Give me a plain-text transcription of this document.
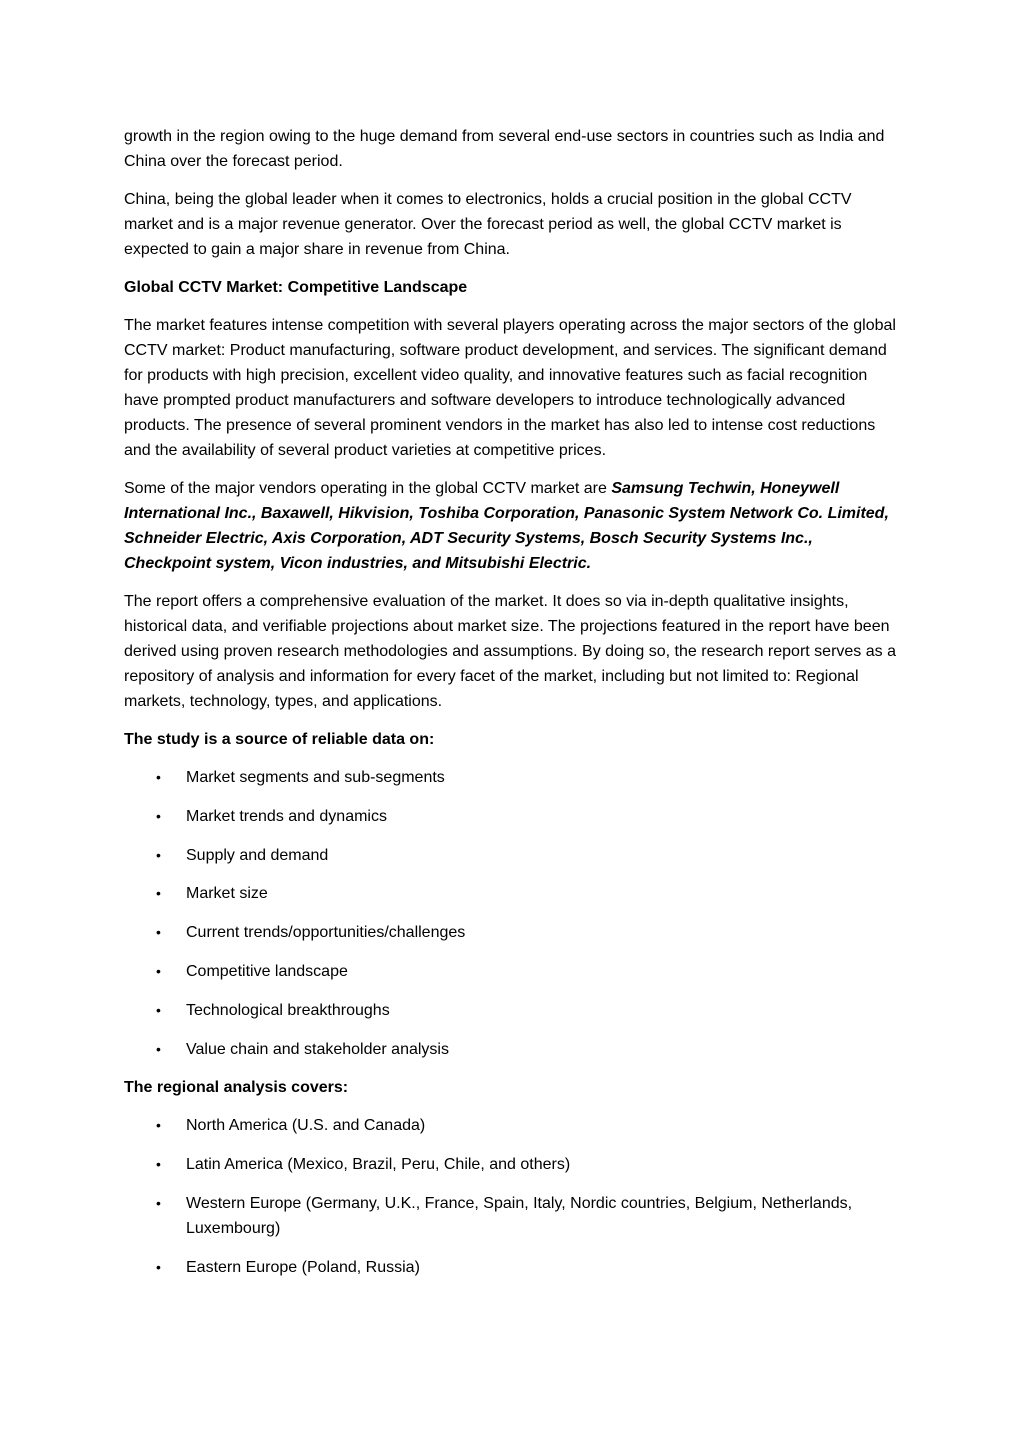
growth in the region owing to the huge demand from several end-use sectors in countries such as India and China over the forecast period.

China, being the global leader when it comes to electronics, holds a crucial position in the global CCTV market and is a major revenue generator. Over the forecast period as well, the global CCTV market is expected to gain a major share in revenue from China.

Global CCTV Market: Competitive Landscape

The market features intense competition with several players operating across the major sectors of the global CCTV market: Product manufacturing, software product development, and services. The significant demand for products with high precision, excellent video quality, and innovative features such as facial recognition have prompted product manufacturers and software developers to introduce technologically advanced products. The presence of several prominent vendors in the market has also led to intense cost reductions and the availability of several product varieties at competitive prices.

Some of the major vendors operating in the global CCTV market are Samsung Techwin, Honeywell International Inc., Baxawell, Hikvision, Toshiba Corporation, Panasonic System Network Co. Limited, Schneider Electric, Axis Corporation, ADT Security Systems, Bosch Security Systems Inc., Checkpoint system, Vicon industries, and Mitsubishi Electric.

The report offers a comprehensive evaluation of the market. It does so via in-depth qualitative insights, historical data, and verifiable projections about market size. The projections featured in the report have been derived using proven research methodologies and assumptions. By doing so, the research report serves as a repository of analysis and information for every facet of the market, including but not limited to: Regional markets, technology, types, and applications.

The study is a source of reliable data on:

• Market segments and sub-segments
• Market trends and dynamics
• Supply and demand
• Market size
• Current trends/opportunities/challenges
• Competitive landscape
• Technological breakthroughs
• Value chain and stakeholder analysis

The regional analysis covers:

• North America (U.S. and Canada)
• Latin America (Mexico, Brazil, Peru, Chile, and others)
• Western Europe (Germany, U.K., France, Spain, Italy, Nordic countries, Belgium, Netherlands, Luxembourg)
• Eastern Europe (Poland, Russia)
